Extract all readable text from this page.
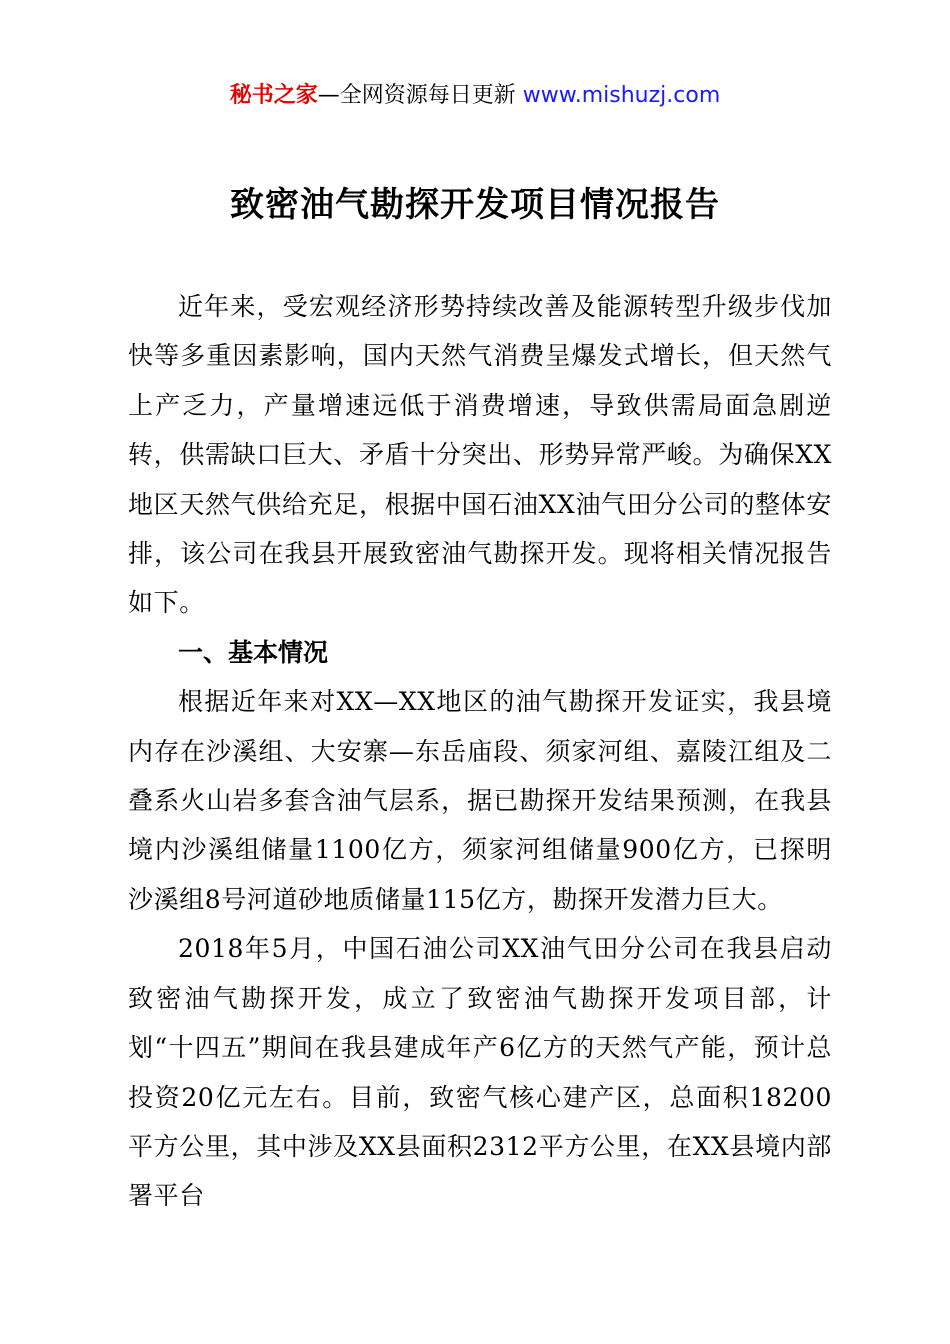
秘书之家—全网资源每日更新 www.mishuzj.com
致密油气勘探开发项目情况报告

近年来，受宏观经济形势持续改善及能源转型升级步伐加快等多重因素影响，国内天然气消费呈爆发式增长，但天然气上产乏力，产量增速远低于消费增速，导致供需局面急剧逆转，供需缺口巨大、矛盾十分突出、形势异常严峻。为确保XX地区天然气供给充足，根据中国石油XX油气田分公司的整体安排，该公司在我县开展致密油气勘探开发。现将相关情况报告如下。

一、基本情况

根据近年来对XX—XX地区的油气勘探开发证实，我县境内存在沙溪组、大安寨—东岳庙段、须家河组、嘉陵江组及二叠系火山岩多套含油气层系，据已勘探开发结果预测，在我县境内沙溪组储量1100亿方，须家河组储量900亿方，已探明沙溪组8号河道砂地质储量115亿方，勘探开发潜力巨大。

2018年5月，中国石油公司XX油气田分公司在我县启动致密油气勘探开发，成立了致密油气勘探开发项目部，计划“十四五”期间在我县建成年产6亿方的天然气产能，预计总投资20亿元左右。目前，致密气核心建产区，总面积18200平方公里，其中涉及XX县面积2312平方公里，在XX县境内部署平台
